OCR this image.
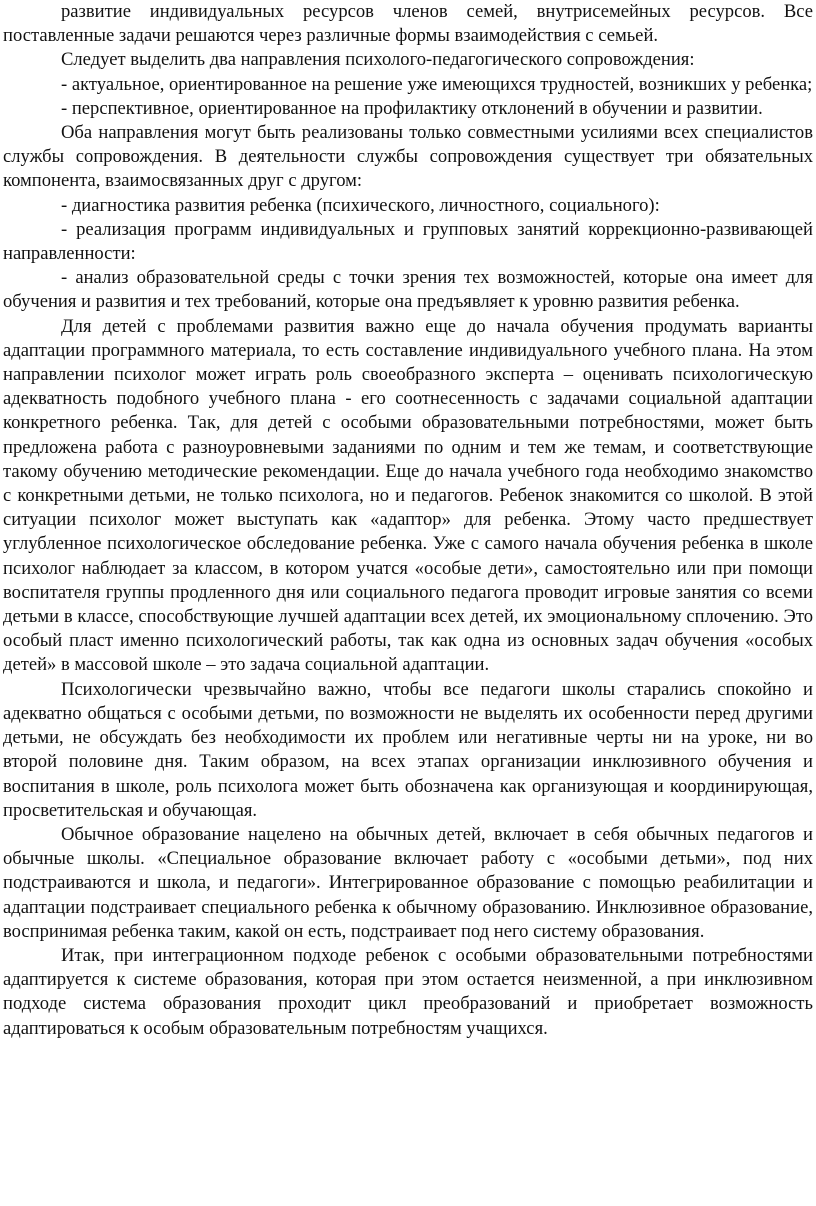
развитие индивидуальных ресурсов членов семей, внутрисемейных ресурсов. Все поставленные задачи решаются через различные формы взаимодействия с семьей.

Следует выделить два направления психолого-педагогического сопровождения:

- актуальное, ориентированное на решение уже имеющихся трудностей, возникших у ребенка;

- перспективное, ориентированное на профилактику отклонений в обучении и развитии.

Оба направления могут быть реализованы только совместными усилиями всех специалистов службы сопровождения. В деятельности службы сопровождения существует три обязательных компонента, взаимосвязанных друг с другом:

- диагностика развития ребенка (психического, личностного, социального):

- реализация программ индивидуальных и групповых занятий коррекционно-развивающей направленности:

- анализ образовательной среды с точки зрения тех возможностей, которые она имеет для обучения и развития и тех требований, которые она предъявляет к уровню развития ребенка.

Для детей с проблемами развития важно еще до начала обучения продумать варианты адаптации программного материала, то есть составление индивидуального учебного плана. На этом направлении психолог может играть роль своеобразного эксперта – оценивать психологическую адекватность подобного учебного плана - его соотнесенность с задачами социальной адаптации конкретного ребенка. Так, для детей с особыми образовательными потребностями, может быть предложена работа с разноуровневыми заданиями по одним и тем же темам, и соответствующие такому обучению методические рекомендации. Еще до начала учебного года необходимо знакомство с конкретными детьми, не только психолога, но и педагогов. Ребенок знакомится со школой. В этой ситуации психолог может выступать как «адаптор» для ребенка. Этому часто предшествует углубленное психологическое обследование ребенка. Уже с самого начала обучения ребенка в школе психолог наблюдает за классом, в котором учатся «особые дети», самостоятельно или при помощи воспитателя группы продленного дня или социального педагога проводит игровые занятия со всеми детьми в классе, способствующие лучшей адаптации всех детей, их эмоциональному сплочению. Это особый пласт именно психологический работы, так как одна из основных задач обучения «особых детей» в массовой школе – это задача социальной адаптации.

Психологически чрезвычайно важно, чтобы все педагоги школы старались спокойно и адекватно общаться с особыми детьми, по возможности не выделять их особенности перед другими детьми, не обсуждать без необходимости их проблем или негативные черты ни на уроке, ни во второй половине дня. Таким образом, на всех этапах организации инклюзивного обучения и воспитания в школе, роль психолога может быть обозначена как организующая и координирующая, просветительская и обучающая.

Обычное образование нацелено на обычных детей, включает в себя обычных педагогов и обычные школы. «Специальное образование включает работу с «особыми детьми», под них подстраиваются и школа, и педагоги». Интегрированное образование с помощью реабилитации и адаптации подстраивает специального ребенка к обычному образованию. Инклюзивное образование, воспринимая ребенка таким, какой он есть, подстраивает под него систему образования.

Итак, при интеграционном подходе ребенок с особыми образовательными потребностями адаптируется к системе образования, которая при этом остается неизменной, а при инклюзивном подходе система образования проходит цикл преобразований и приобретает возможность адаптироваться к особым образовательным потребностям учащихся.
